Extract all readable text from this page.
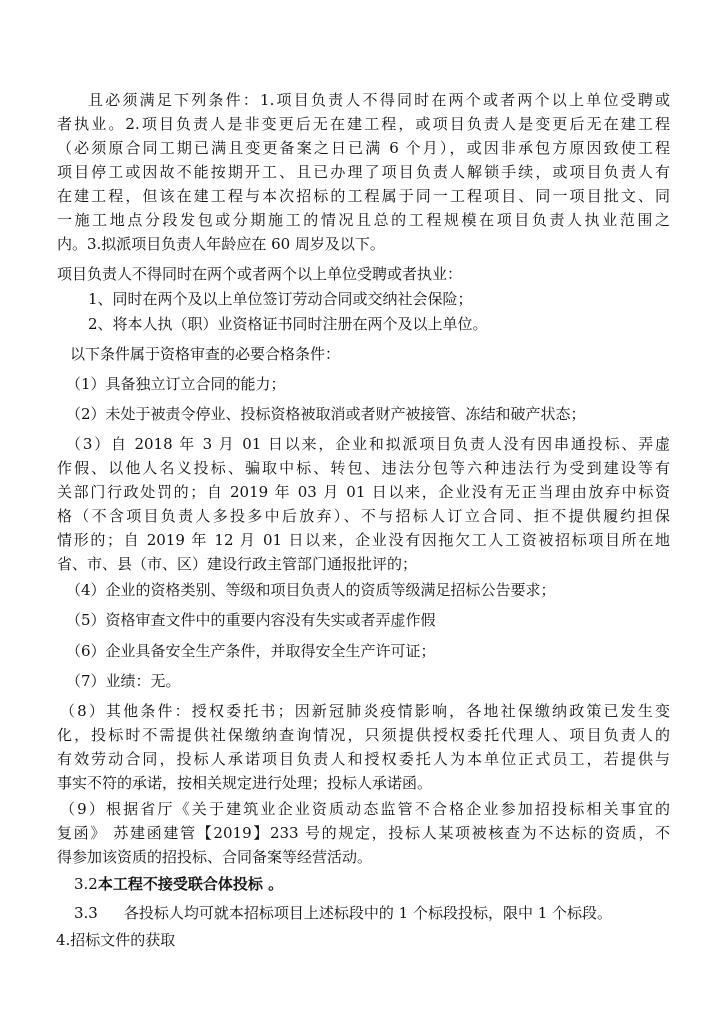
且必须满足下列条件：1.项目负责人不得同时在两个或者两个以上单位受聘或
者执业。2.项目负责人是非变更后无在建工程，或项目负责人是变更后无在建工程
（必须原合同工期已满且变更备案之日已满 6 个月），或因非承包方原因致使工程
项目停工或因故不能按期开工、且已办理了项目负责人解锁手续，或项目负责人有
在建工程，但该在建工程与本次招标的工程属于同一工程项目、同一项目批文、同
一施工地点分段发包或分期施工的情况且总的工程规模在项目负责人执业范围之
内。3.拟派项目负责人年龄应在 60 周岁及以下。
项目负责人不得同时在两个或者两个以上单位受聘或者执业：
1、同时在两个及以上单位签订劳动合同或交纳社会保险；
2、将本人执（职）业资格证书同时注册在两个及以上单位。
以下条件属于资格审查的必要合格条件：
（1）具备独立订立合同的能力；
（2）未处于被责令停业、投标资格被取消或者财产被接管、冻结和破产状态；
（3）自 2018 年 3 月 01 日以来，企业和拟派项目负责人没有因串通投标、弄虚
作假、以他人名义投标、骗取中标、转包、违法分包等六种违法行为受到建设等有
关部门行政处罚的；自 2019 年 03 月 01 日以来，企业没有无正当理由放弃中标资
格（不含项目负责人多投多中后放弃）、不与招标人订立合同、拒不提供履约担保
情形的；自 2019 年 12 月 01 日以来，企业没有因拖欠工人工资被招标项目所在地
省、市、县（市、区）建设行政主管部门通报批评的；
（4）企业的资格类别、等级和项目负责人的资质等级满足招标公告要求；
（5）资格审查文件中的重要内容没有失实或者弄虚作假
（6）企业具备安全生产条件，并取得安全生产许可证；
（7）业绩：无。
（8）其他条件：授权委托书；因新冠肺炎疫情影响，各地社保缴纳政策已发生变
化，投标时不需提供社保缴纳查询情况，只须提供授权委托代理人、项目负责人的
有效劳动合同，投标人承诺项目负责人和授权委托人为本单位正式员工，若提供与
事实不符的承诺，按相关规定进行处理；投标人承诺函。
（9）根据省厅《关于建筑业企业资质动态监管不合格企业参加招投标相关事宜的
复函》 苏建函建管【2019】233 号的规定，投标人某项被核查为不达标的资质，不
得参加该资质的招投标、合同备案等经营活动。
3.2本工程不接受联合体投标 。
3.3 各投标人均可就本招标项目上述标段中的 1 个标段投标，限中 1 个标段。
4.招标文件的获取
